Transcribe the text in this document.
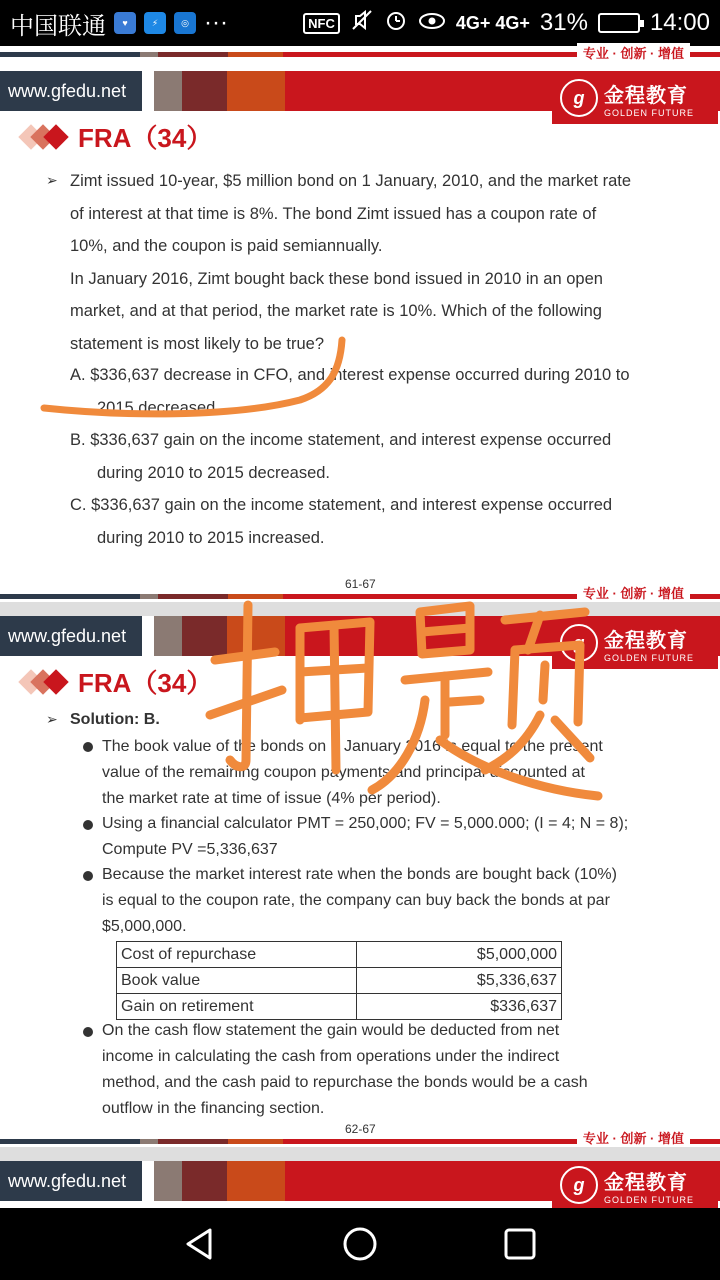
中国联通	♥	⚡	◎ ···	NFC	4G+ 4G+ 31%	14:00
专业 · 创新 · 增值
www.gfedu.net	g 金程教育
GOLDEN FUTURE
FRA（34）
➢ Zimt issued 10-year, $5 million bond on 1 January, 2010, and the market rate
of interest at that time is 8%. The bond Zimt issued has a coupon rate of
10%, and the coupon is paid semiannually.
In January 2016, Zimt bought back these bond issued in 2010 in an open
market, and at that period, the market rate is 10%. Which of the following
statement is most likely to be true?
A. $336,637 decrease in CFO, and interest expense occurred during 2010 to
2015 decreased.
B. $336,637 gain on the income statement, and interest expense occurred
during 2010 to 2015 decreased.
C. $336,637 gain on the income statement, and interest expense occurred
during 2010 to 2015 increased.
61-67
专业 · 创新 · 增值
www.gfedu.net	g 金程教育
GOLDEN FUTURE
FRA（34）
➢ Solution: B.
The book value of the bonds on 1 January 2016 is equal to the present
value of the remaining coupon payments and principal discounted at
the market rate at time of issue (4% per period).
Using a financial calculator PMT = 250,000; FV = 5,000.000; (I = 4; N = 8);
Compute PV =5,336,637
Because the market interest rate when the bonds are bought back (10%)
is equal to the coupon rate, the company can buy back the bonds at par
$5,000,000.
Cost of repurchase	$5,000,000
Book value	$5,336,637
Gain on retirement	$336,637
On the cash flow statement the gain would be deducted from net
income in calculating the cash from operations under the indirect
method, and the cash paid to repurchase the bonds would be a cash
outflow in the financing section.
62-67
专业 · 创新 · 增值
www.gfedu.net	g 金程教育
GOLDEN FUTURE
